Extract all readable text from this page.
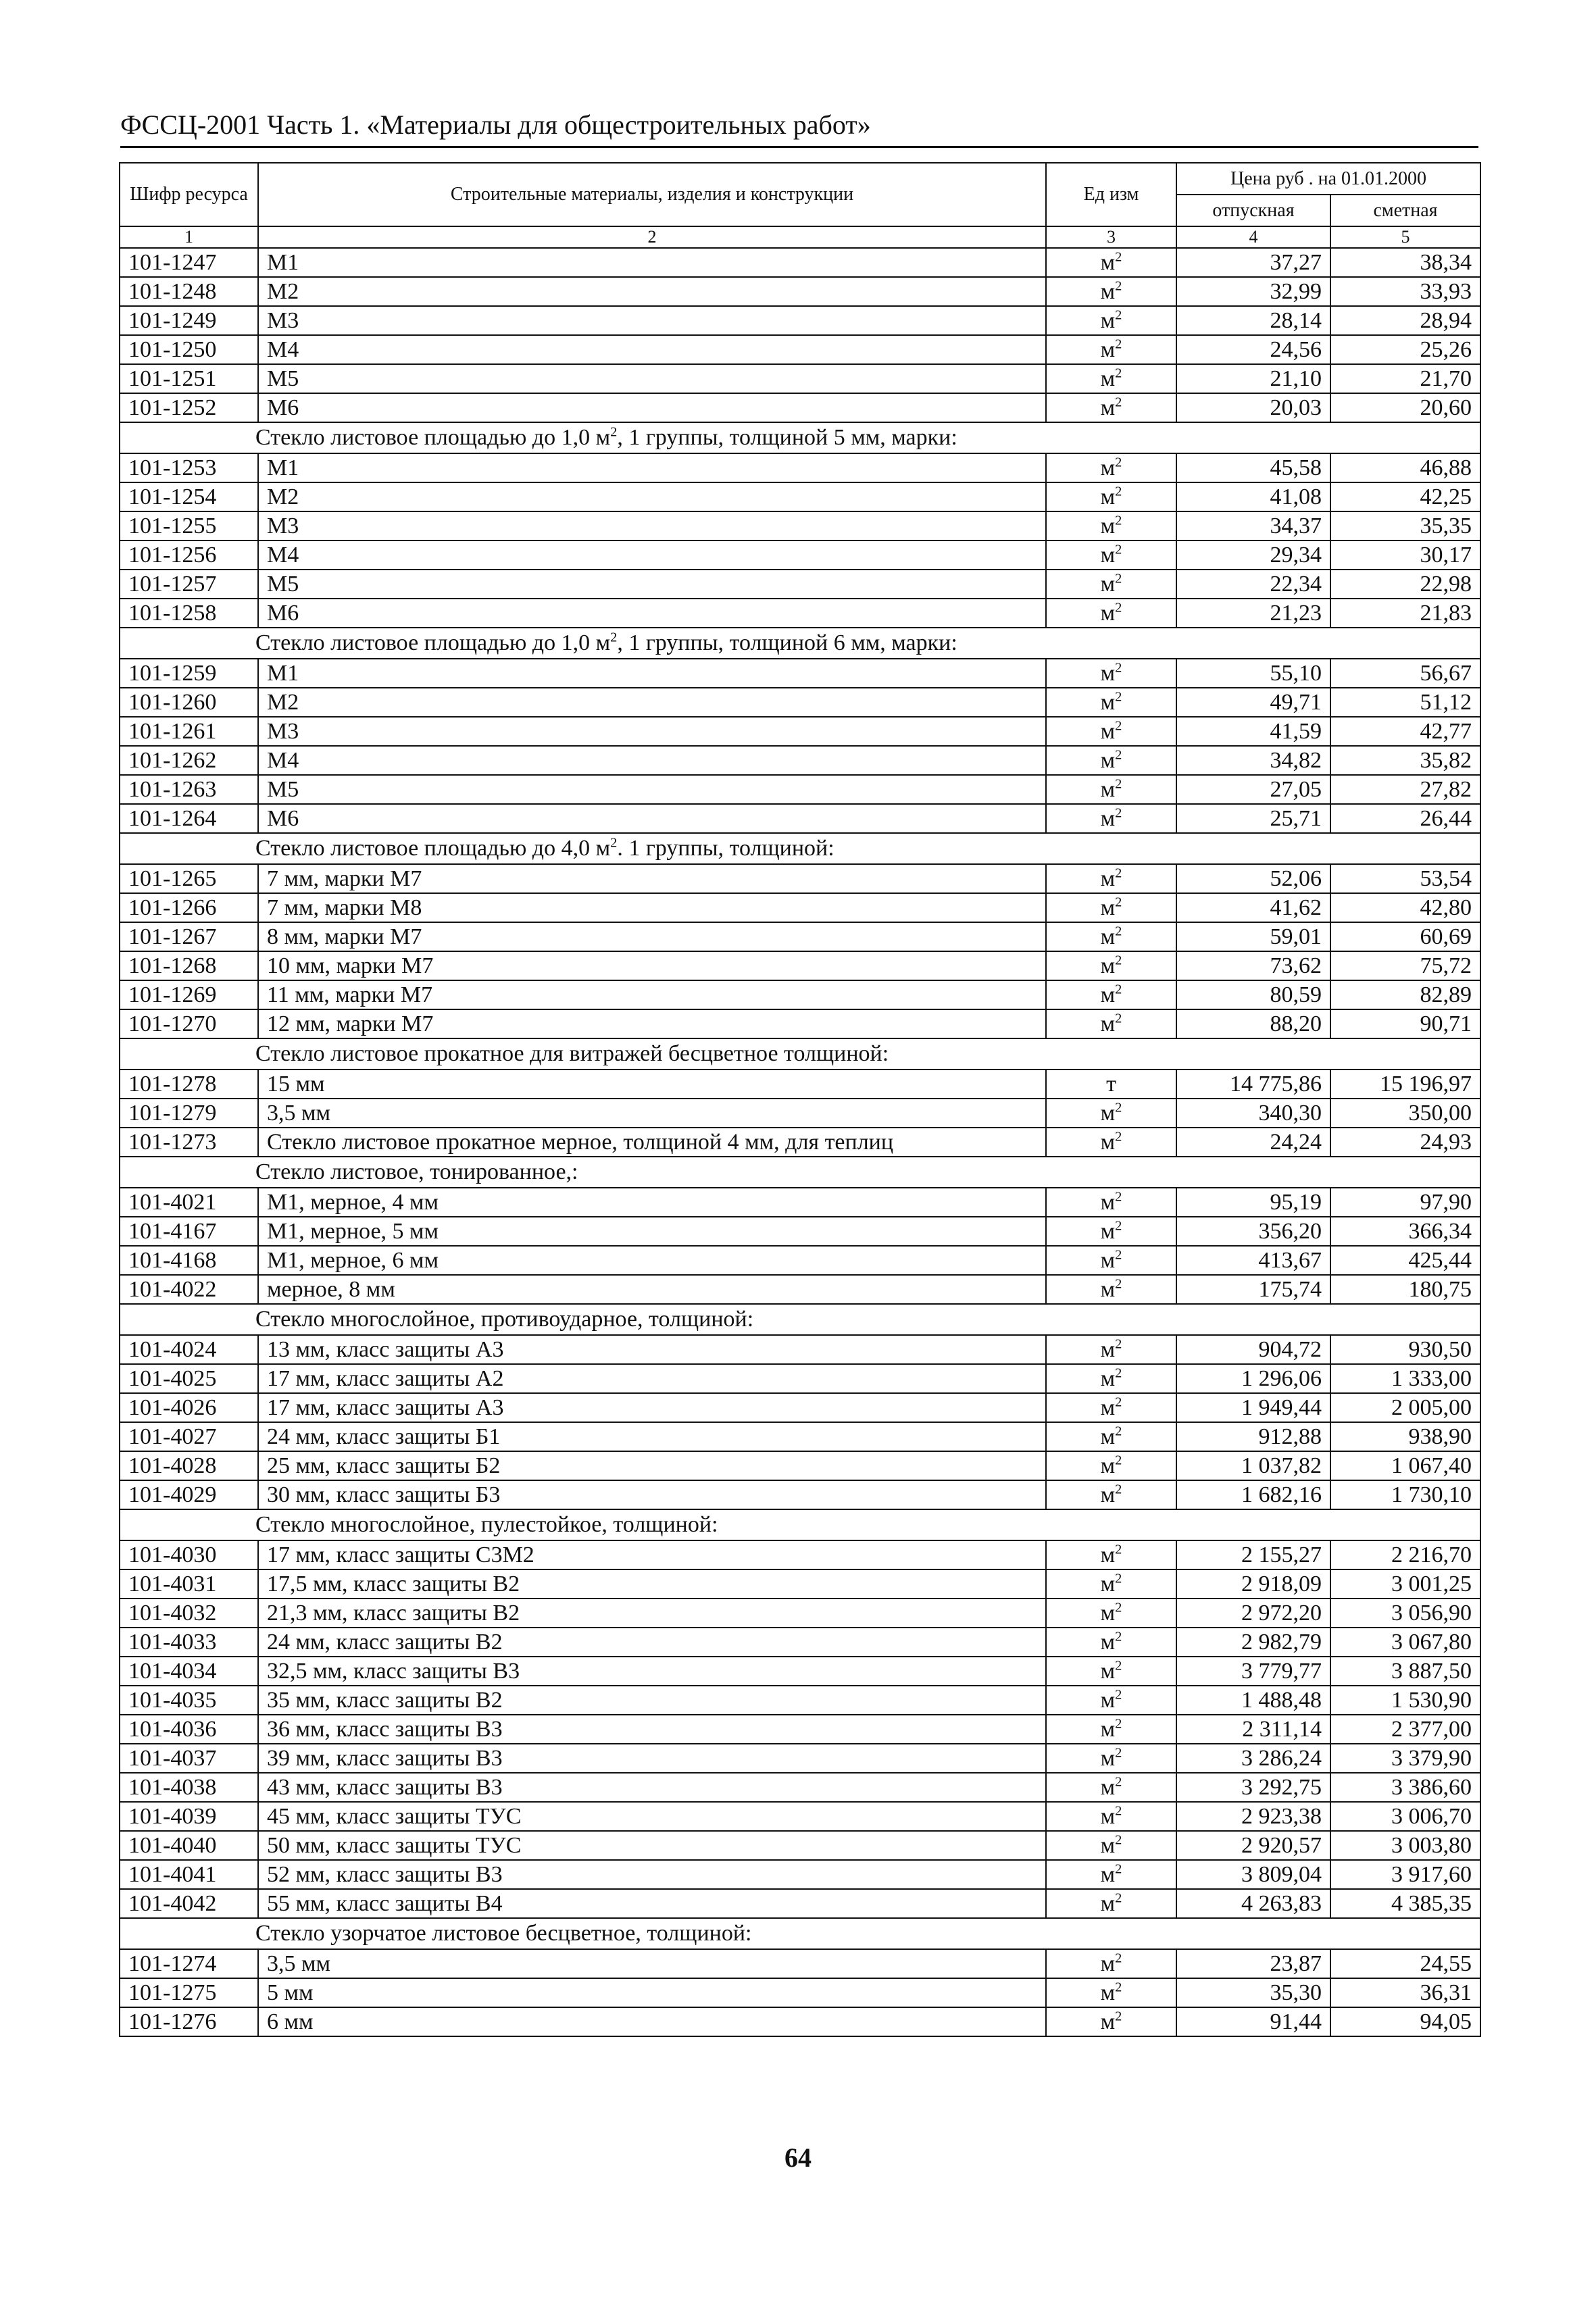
ФССЦ-2001 Часть 1. «Материалы для общестроительных работ»
Шифр ресурса	Строительные материалы, изделия и конструкции	Ед изм	Цена руб . на 01.01.2000	
			отпускная	сметная
1	2	3	4	5
101-1247	M1	$м^2$	37,27	38,34
101-1248	M2	$м^2$	32,99	33,93
101-1249	M3	$м^2$	28,14	28,94
101-1250	M4	$м^2$	24,56	25,26
101-1251	M5	$м^2$	21,10	21,70
101-1252	M6	$м^2$	20,03	20,60
Стекло листовое площадью до 1,0 $м^2$, 1 группы, толщиной 5 мм, марки:				
101-1253	M1	$м^2$	45,58	46,88
101-1254	M2	$м^2$	41,08	42,25
101-1255	M3	$м^2$	34,37	35,35
101-1256	M4	$м^2$	29,34	30,17
101-1257	M5	$м^2$	22,34	22,98
101-1258	M6	$м^2$	21,23	21,83
Стекло листовое площадью до 1,0 $м^2$, 1 группы, толщиной 6 мм, марки:				
101-1259	M1	$м^2$	55,10	56,67
101-1260	M2	$м^2$	49,71	51,12
101-1261	M3	$м^2$	41,59	42,77
101-1262	M4	$м^2$	34,82	35,82
101-1263	M5	$м^2$	27,05	27,82
101-1264	M6	$м^2$	25,71	26,44
Стекло листовое площадью до 4,0 $м^2$. 1 группы, толщиной:				
101-1265	7 мм, марки M7	$м^2$	52,06	53,54
101-1266	7 мм, марки M8	$м^2$	41,62	42,80
101-1267	8 мм, марки M7	$м^2$	59,01	60,69
101-1268	10 мм, марки M7	$м^2$	73,62	75,72
101-1269	11 мм, марки M7	$м^2$	80,59	82,89
101-1270	12 мм, марки M7	$м^2$	88,20	90,71
Стекло листовое прокатное для витражей бесцветное толщиной:				
101-1278	15 мм	т	14 775,86	15 196,97
101-1279	3,5 мм	$м^2$	340,30	350,00
101-1273	Стекло листовое прокатное мерное, толщиной 4 мм, для теплиц	$м^2$	24,24	24,93
Стекло листовое, тонированное,:				
101-4021	M1, мерное, 4 мм	$м^2$	95,19	97,90
101-4167	M1, мерное, 5 мм	$м^2$	356,20	366,34
101-4168	M1, мерное, 6 мм	$м^2$	413,67	425,44
101-4022	мерное, 8 мм	$м^2$	175,74	180,75
Стекло многослойное, противоударное, толщиной:				
101-4024	13 мм, класс защиты А3	$м^2$	904,72	930,50
101-4025	17 мм, класс защиты А2	$м^2$	1 296,06	1 333,00
101-4026	17 мм, класс защиты А3	$м^2$	1 949,44	2 005,00
101-4027	24 мм, класс защиты Б1	$м^2$	912,88	938,90
101-4028	25 мм, класс защиты Б2	$м^2$	1 037,82	1 067,40
101-4029	30 мм, класс защиты Б3	$м^2$	1 682,16	1 730,10
Стекло многослойное, пулестойкое, толщиной:				
101-4030	17 мм, класс защиты С3М2	$м^2$	2 155,27	2 216,70
101-4031	17,5 мм, класс защиты В2	$м^2$	2 918,09	3 001,25
101-4032	21,3 мм, класс защиты В2	$м^2$	2 972,20	3 056,90
101-4033	24 мм, класс защиты В2	$м^2$	2 982,79	3 067,80
101-4034	32,5 мм, класс защиты В3	$м^2$	3 779,77	3 887,50
101-4035	35 мм, класс защиты В2	$м^2$	1 488,48	1 530,90
101-4036	36 мм, класс защиты В3	$м^2$	2 311,14	2 377,00
101-4037	39 мм, класс защиты В3	$м^2$	3 286,24	3 379,90
101-4038	43 мм, класс защиты В3	$м^2$	3 292,75	3 386,60
101-4039	45 мм, класс защиты ТУС	$м^2$	2 923,38	3 006,70
101-4040	50 мм, класс защиты ТУС	$м^2$	2 920,57	3 003,80
101-4041	52 мм, класс защиты В3	$м^2$	3 809,04	3 917,60
101-4042	55 мм, класс защиты В4	$м^2$	4 263,83	4 385,35
Стекло узорчатое листовое бесцветное, толщиной:				
101-1274	3,5 мм	$м^2$	23,87	24,55
101-1275	5 мм	$м^2$	35,30	36,31
101-1276	6 мм	$м^2$	91,44	94,05
64
